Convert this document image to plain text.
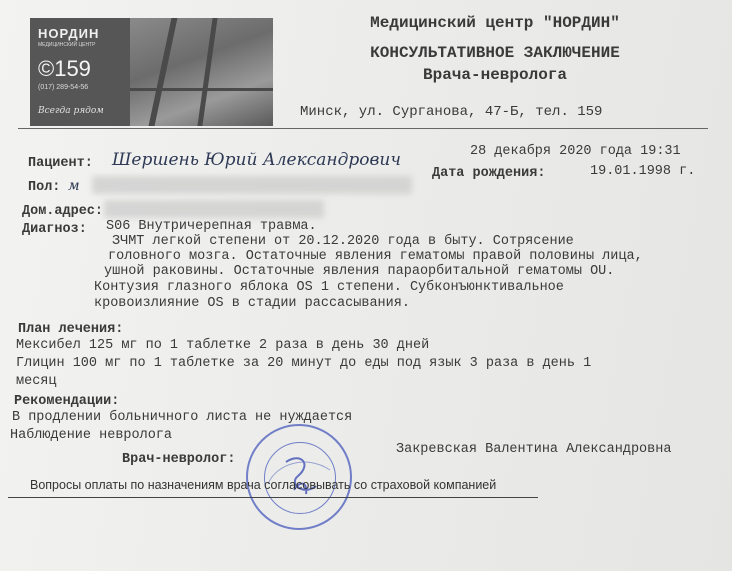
НОРДИН
МЕДИЦИНСКИЙ ЦЕНТР
©159
(017) 289-54-56
Всегда рядом
Медицинский центр "НОРДИН"
КОНСУЛЬТАТИВНОЕ ЗАКЛЮЧЕНИЕ
Врача-невролога
Минск, ул. Сурганова, 47-Б, тел. 159
28 декабря 2020 года 19:31
Пациент: Шершень Юрий Александрович
Дата рождения:	19.01.1998 г.
Пол: м
Дом.адрес:
Диагноз: S06 Внутричерепная травма.
ЗЧМТ легкой степени от 20.12.2020 года в быту. Сотрясение
головного мозга. Остаточные явления гематомы правой половины лица,
ушной раковины. Остаточные явления параорбитальной гематомы OU.
Контузия глазного яблока OS 1 степени. Субконъюнктивальное
кровоизлияние OS в стадии рассасывания.
План лечения:
Мексибел 125 мг по 1 таблетке 2 раза в день 30 дней
Глицин 100 мг по 1 таблетке за 20 минут до еды под язык 3 раза в день 1
месяц
Рекомендации:
В продлении больничного листа не нуждается
Наблюдение невролога
Врач-невролог:
Закревская Валентина Александровна
Вопросы оплаты по назначениям врача согласовывать со страховой компанией
